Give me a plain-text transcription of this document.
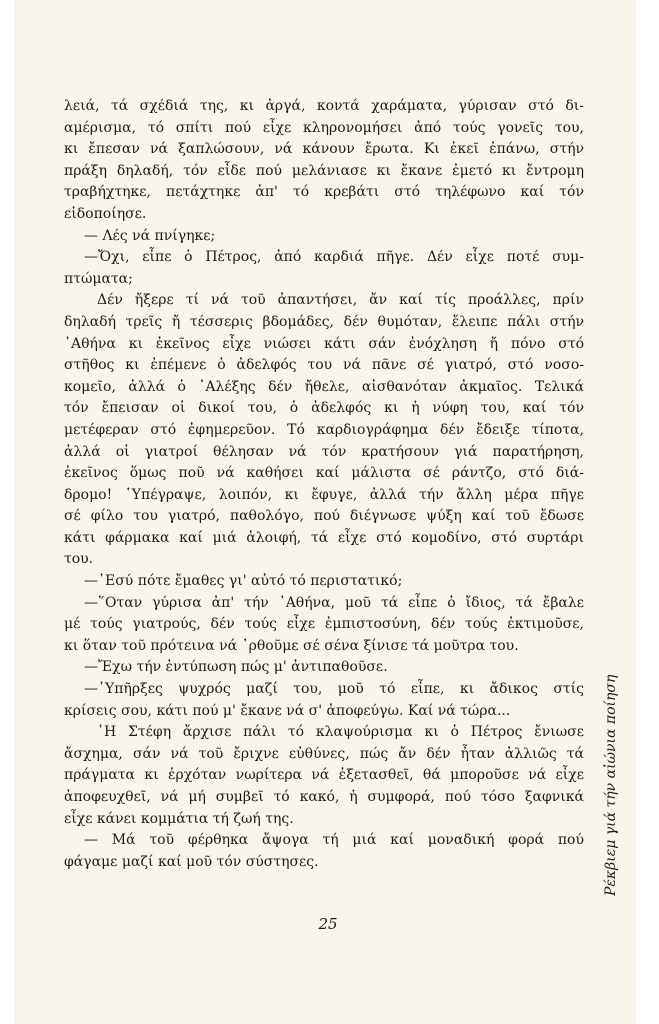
λειά, τά σχέδιά της, κι ἀργά, κοντά χαράματα, γύρισαν στό δι-
αμέρισμα, τό σπίτι πού εἶχε κληρονομήσει ἀπό τούς γονεῖς του,
κι ἔπεσαν νά ξαπλώσουν, νά κάνουν ἔρωτα. Κι ἐκεῖ ἐπάνω, στήν
πράξη δηλαδή, τόν εἶδε πού μελάνιασε κι ἔκανε ἐμετό κι ἔντρομη
τραβήχτηκε, πετάχτηκε ἀπ' τό κρεβάτι στό τηλέφωνο καί τόν
εἰδοποίησε.
— Λές νά πνίγηκε;
—Ὄχι, εἶπε ὁ Πέτρος, ἀπό καρδιά πῆγε. Δέν εἶχε ποτέ συμ-
πτώματα;
Δέν ἤξερε τί νά τοῦ ἀπαντήσει, ἄν καί τίς προάλλες, πρίν
δηλαδή τρεῖς ἤ τέσσερις βδομάδες, δέν θυμόταν, ἔλειπε πάλι στήν
᾿Αθήνα κι ἐκεῖνος εἶχε νιώσει κάτι σάν ἐνόχληση ἤ πόνο στό
στῆθος κι ἐπέμενε ὁ ἀδελφός του νά πᾶνε σέ γιατρό, στό νοσο-
κομεῖο, ἀλλά ὁ ᾿Αλέξης δέν ἤθελε, αἰσθανόταν ἀκμαῖος. Τελικά
τόν ἔπεισαν οἱ δικοί του, ὁ ἀδελφός κι ἡ νύφη του, καί τόν
μετέφεραν στό ἐφημερεῦον. Τό καρδιογράφημα δέν ἔδειξε τίποτα,
ἀλλά οἱ γιατροί θέλησαν νά τόν κρατήσουν γιά παρατήρηση,
ἐκεῖνος ὅμως ποῦ νά καθήσει καί μάλιστα σέ ράντζο, στό διά-
δρομο! ῾Υπέγραψε, λοιπόν, κι ἔφυγε, ἀλλά τήν ἄλλη μέρα πῆγε
σέ φίλο του γιατρό, παθολόγο, πού διέγνωσε ψύξη καί τοῦ ἔδωσε
κάτι φάρμακα καί μιά ἀλοιφή, τά εἶχε στό κομοδίνο, στό συρτάρι
του.
—᾿Εσύ πότε ἔμαθες γι' αὐτό τό περιστατικό;
—῞Οταν γύρισα ἀπ' τήν ᾿Αθήνα, μοῦ τά εἶπε ὁ ἴδιος, τά ἔβαλε
μέ τούς γιατρούς, δέν τούς εἶχε ἐμπιστοσύνη, δέν τούς ἐκτιμοῦσε,
κι ὅταν τοῦ πρότεινα νά ᾿ρθοῦμε σέ σένα ξίνισε τά μοῦτρα του.
—Ἔχω τήν ἐντύπωση πώς μ' ἀντιπαθοῦσε.
—῾Υπῆρξες ψυχρός μαζί του, μοῦ τό εἶπε, κι ἄδικος στίς
κρίσεις σου, κάτι πού μ' ἔκανε νά σ' ἀποφεύγω. Καί νά τώρα...
῾Η Στέφη ἄρχισε πάλι τό κλαψούρισμα κι ὁ Πέτρος ἔνιωσε
ἄσχημα, σάν νά τοῦ ἔριχνε εὐθύνες, πώς ἄν δέν ἦταν ἀλλιῶς τά
πράγματα κι ἐρχόταν νωρίτερα νά ἐξετασθεῖ, θά μποροῦσε νά εἶχε
ἀποφευχθεῖ, νά μή συμβεῖ τό κακό, ἡ συμφορά, πού τόσο ξαφνικά
εἶχε κάνει κομμάτια τή ζωή της.
— Μά τοῦ φέρθηκα ἄψογα τή μιά καί μοναδική φορά πού
φάγαμε μαζί καί μοῦ τόν σύστησες.
25
Ρέκβιεμ γιά τήν αἰώνια ποίηση
